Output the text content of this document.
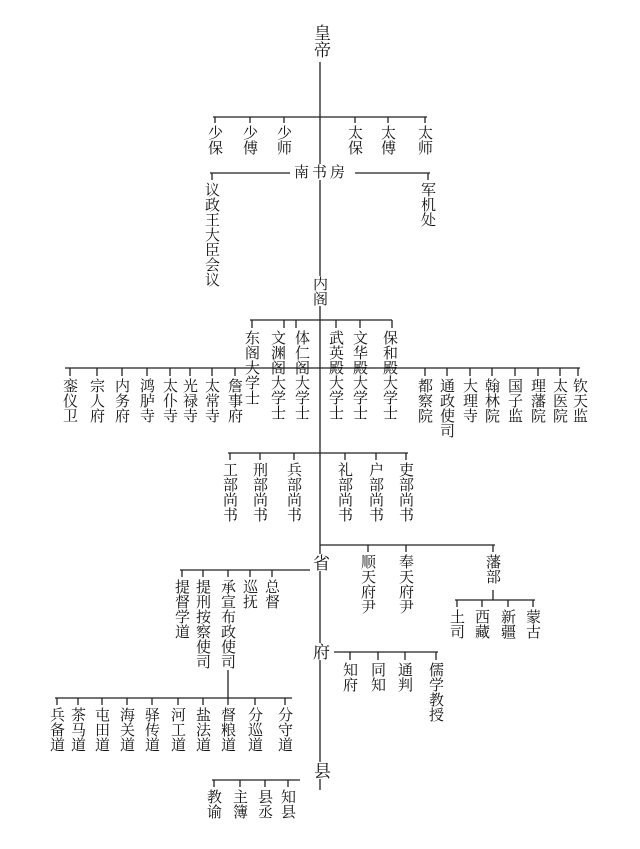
皇帝
少保 少傅 少师	太保 太傅 太师
南书房
议政王大臣会议	军机处
内阁
东阁大学士 文渊阁大学士 体仁阁大学士 武英殿大学士 文华殿大学士 保和殿大学士
銮仪卫 宗人府 内务府 鸿胪寺 太仆寺 光禄寺 太常寺 詹事府	都察院 通政使司 大理寺 翰林院 国子监 理藩院 太医院 钦天监
工部尚书 刑部尚书 兵部尚书 礼部尚书 户部尚书 吏部尚书
省 顺天府尹 奉天府尹	藩部
提督学道 提刑按察使司 承宣布政使司 巡抚 总督
土司 西藏 新疆 蒙古
府
知府 同知 通判 儒学教授
兵备道 茶马道 屯田道 海关道 驿传道 河工道 盐法道 督粮道 分巡道 分守道
县
教谕 主簿 县丞 知县
